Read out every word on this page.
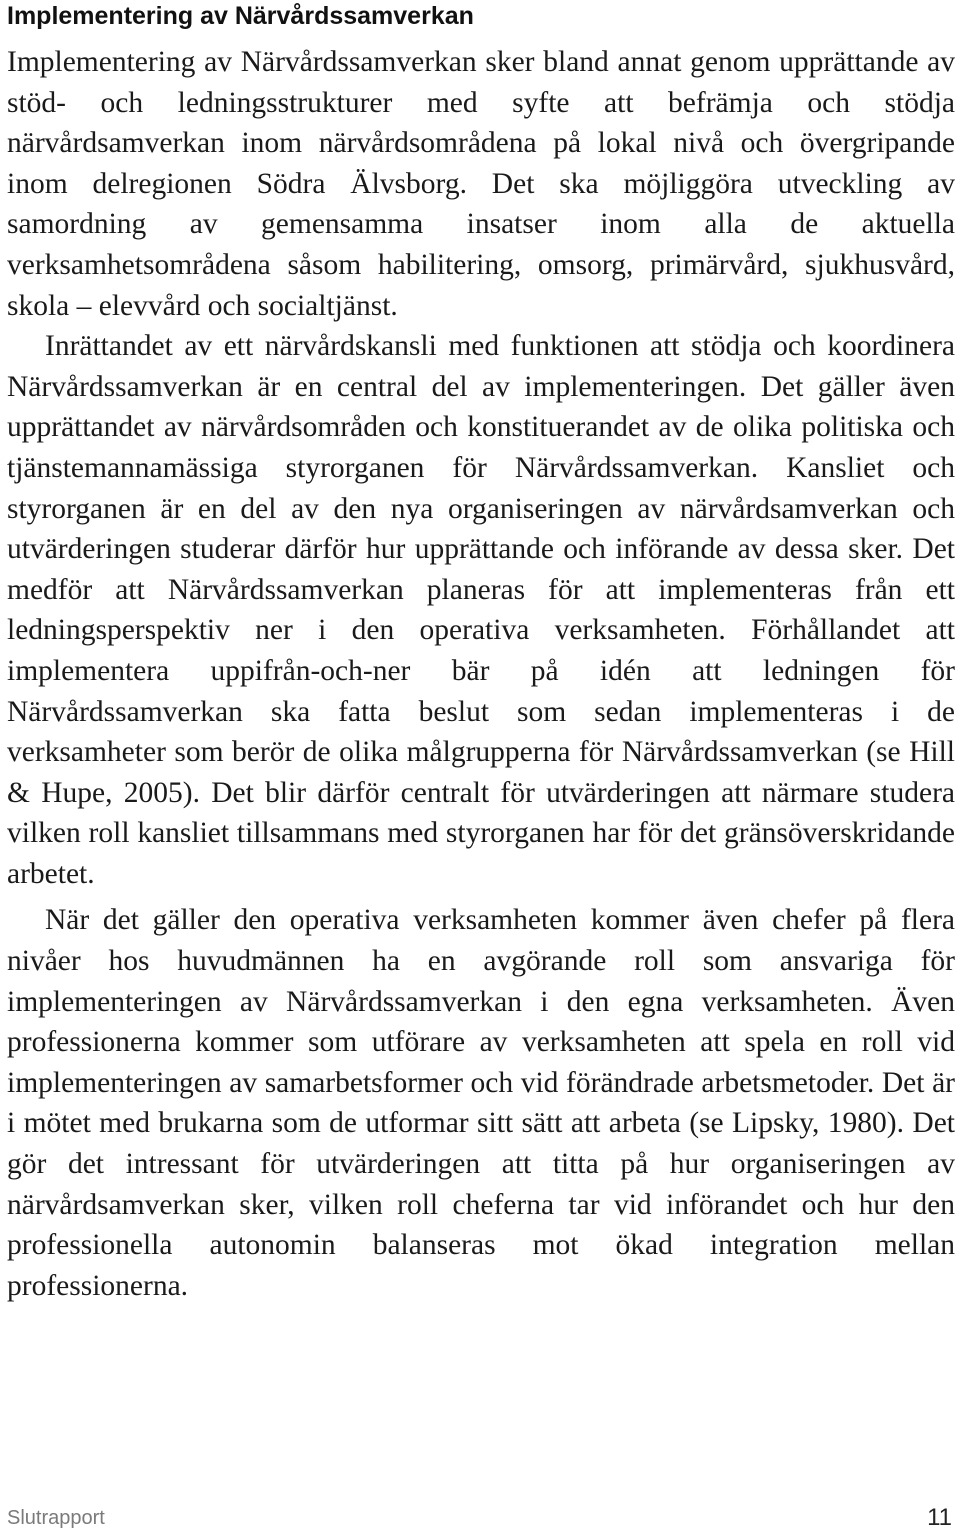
Implementering av Närvårdssamverkan

Implementering av Närvårdssamverkan sker bland annat genom upprättande av stöd- och ledningsstrukturer med syfte att befrämja och stödja närvårdsamverkan inom närvårdsområdena på lokal nivå och övergripande inom delregionen Södra Älvsborg. Det ska möjliggöra utveckling av samordning av gemensamma insatser inom alla de aktuella verksamhetsområdena såsom habilitering, omsorg, primärvård, sjukhusvård, skola – elevvård och socialtjänst.

Inrättandet av ett närvårdskansli med funktionen att stödja och koordinera Närvårdssamverkan är en central del av implementeringen. Det gäller även upprättandet av närvårdsområden och konstituerandet av de olika politiska och tjänstemannamässiga styrorganen för Närvårdssamverkan. Kansliet och styrorganen är en del av den nya organiseringen av närvårdsamverkan och utvärderingen studerar därför hur upprättande och införande av dessa sker. Det medför att Närvårdssamverkan planeras för att implementeras från ett ledningsperspektiv ner i den operativa verksamheten. Förhållandet att implementera uppifrån-och-ner bär på idén att ledningen för Närvårdssamverkan ska fatta beslut som sedan implementeras i de verksamheter som berör de olika målgrupperna för Närvårdssamverkan (se Hill & Hupe, 2005). Det blir därför centralt för utvärderingen att närmare studera vilken roll kansliet tillsammans med styrorganen har för det gränsöverskridande arbetet.

När det gäller den operativa verksamheten kommer även chefer på flera nivåer hos huvudmännen ha en avgörande roll som ansvariga för implementeringen av Närvårdssamverkan i den egna verksamheten. Även professionerna kommer som utförare av verksamheten att spela en roll vid implementeringen av samarbetsformer och vid förändrade arbetsmetoder. Det är i mötet med brukarna som de utformar sitt sätt att arbeta (se Lipsky, 1980). Det gör det intressant för utvärderingen att titta på hur organiseringen av närvårdsamverkan sker, vilken roll cheferna tar vid införandet och hur den professionella autonomin balanseras mot ökad integration mellan professionerna.

Slutrapport	11
